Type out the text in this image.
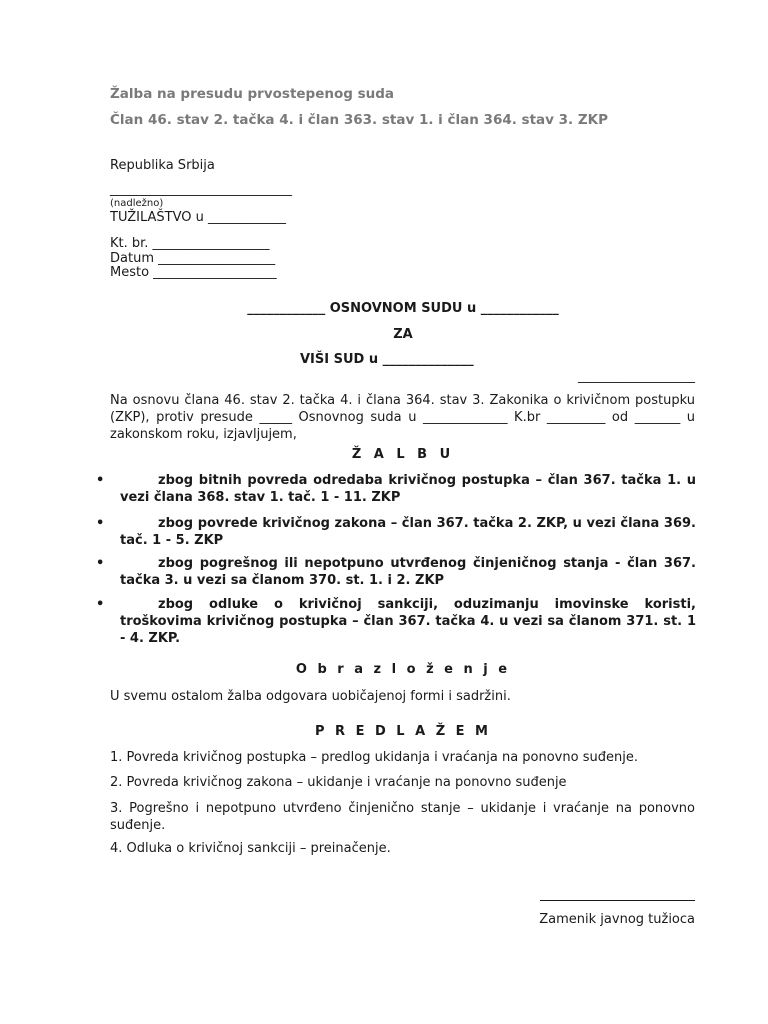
Žalba na presudu prvostepenog suda
Član 46. stav 2. tačka 4. i član 363. stav 1. i član 364. stav 3. ZKP
Republika Srbija
____________________________
(nadležno)
TUŽILAŠTVO u ____________
Kt. br. __________________
Datum __________________
Mesto ___________________
____________ OSNOVNOM SUDU u ____________
ZA
VIŠI SUD u ______________
__________________
Na osnovu člana 46. stav 2. tačka 4. i člana 364. stav 3. Zakonika o krivičnom postupku (ZKP), protiv presude _____ Osnovnog suda u _____________ K.br _________ od _______ u zakonskom roku, izjavljujem,
Ž A L B U
•	zbog bitnih povreda odredaba krivičnog postupka – član 367. tačka 1. u vezi člana 368. stav 1. tač. 1 - 11. ZKP
•	zbog povrede krivičnog zakona – član 367. tačka 2. ZKP, u vezi člana 369. tač. 1 - 5. ZKP
•	zbog pogrešnog ili nepotpuno utvrđenog činjeničnog stanja - član 367. tačka 3. u vezi sa članom 370. st. 1. i 2. ZKP
•	zbog odluke o krivičnoj sankciji, oduzimanju imovinske koristi, troškovima krivičnog postupka – član 367. tačka 4. u vezi sa članom 371. st. 1 - 4. ZKP.
O b r a z l o ž e n j e
U svemu ostalom žalba odgovara uobičajenoj formi i sadržini.
P R E D L A Ž E M
1. Povreda krivičnog postupka – predlog ukidanja i vraćanja na ponovno suđenje.
2. Povreda krivičnog zakona – ukidanje i vraćanje na ponovno suđenje
3. Pogrešno i nepotpuno utvrđeno činjenično stanje – ukidanje i vraćanje na ponovno suđenje.
4. Odluka o krivičnoj sankciji – preinačenje.
Zamenik javnog tužioca
